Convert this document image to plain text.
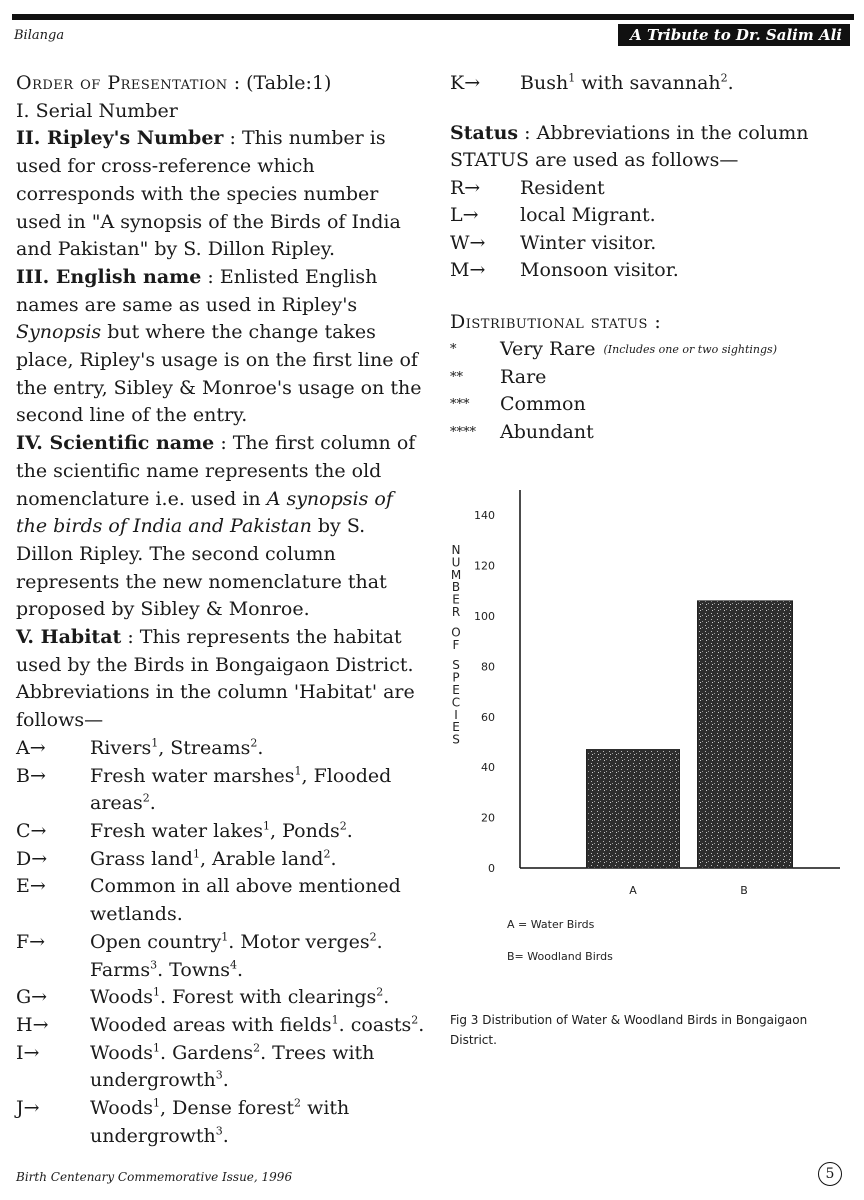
Bilanga	A Tribute to Dr. Salim Ali

Order of Presentation : (Table:1)

I. Serial Number

II. Ripley's Number : This number is used for cross-reference which corresponds with the species number used in "A synopsis of the Birds of India and Pakistan" by S. Dillon Ripley.

III. English name : Enlisted English names are same as used in Ripley's Synopsis but where the change takes place, Ripley's usage is on the first line of the entry, Sibley & Monroe's usage on the second line of the entry.

IV. Scientific name : The first column of the scientific name represents the old nomenclature i.e. used in A synopsis of the birds of India and Pakistan by S. Dillon Ripley. The second column represents the new nomenclature that proposed by Sibley & Monroe.

V. Habitat : This represents the habitat used by the Birds in Bongaigaon District. Abbreviations in the column 'Habitat' are follows—

A→	Rivers$^1$, Streams$^2$.
B→	Fresh water marshes$^1$, Flooded areas$^2$.
C→	Fresh water lakes$^1$, Ponds$^2$.
D→	Grass land$^1$, Arable land$^2$.
E→	Common in all above mentioned wetlands.
F→	Open country$^1$. Motor verges$^2$. Farms$^3$. Towns$^4$.
G→	Woods$^1$. Forest with clearings$^2$.
H→	Wooded areas with fields$^1$. coasts$^2$.
I→	Woods$^1$. Gardens$^2$. Trees with undergrowth$^3$.
J→	Woods$^1$, Dense forest$^2$ with undergrowth$^3$.
K→	Bush$^1$ with savannah$^2$.

Status : Abbreviations in the column STATUS are used as follows—

R→	Resident
L→	local Migrant.
W→	Winter visitor.
M→	Monsoon visitor.

Distributional status :

*	Very Rare (Includes one or two sightings)
**	Rare
***	Common
****	Abundant
0
20
40
60
80
100
120
140
N
U
M
B
E
R
O
F
S
P
E
C
I
E
S
A	B
A = Water Birds
B= Woodland Birds
Fig 3 Distribution of Water & Woodland Birds in Bongaigaon District.
Birth Centenary Commemorative Issue, 1996	5
